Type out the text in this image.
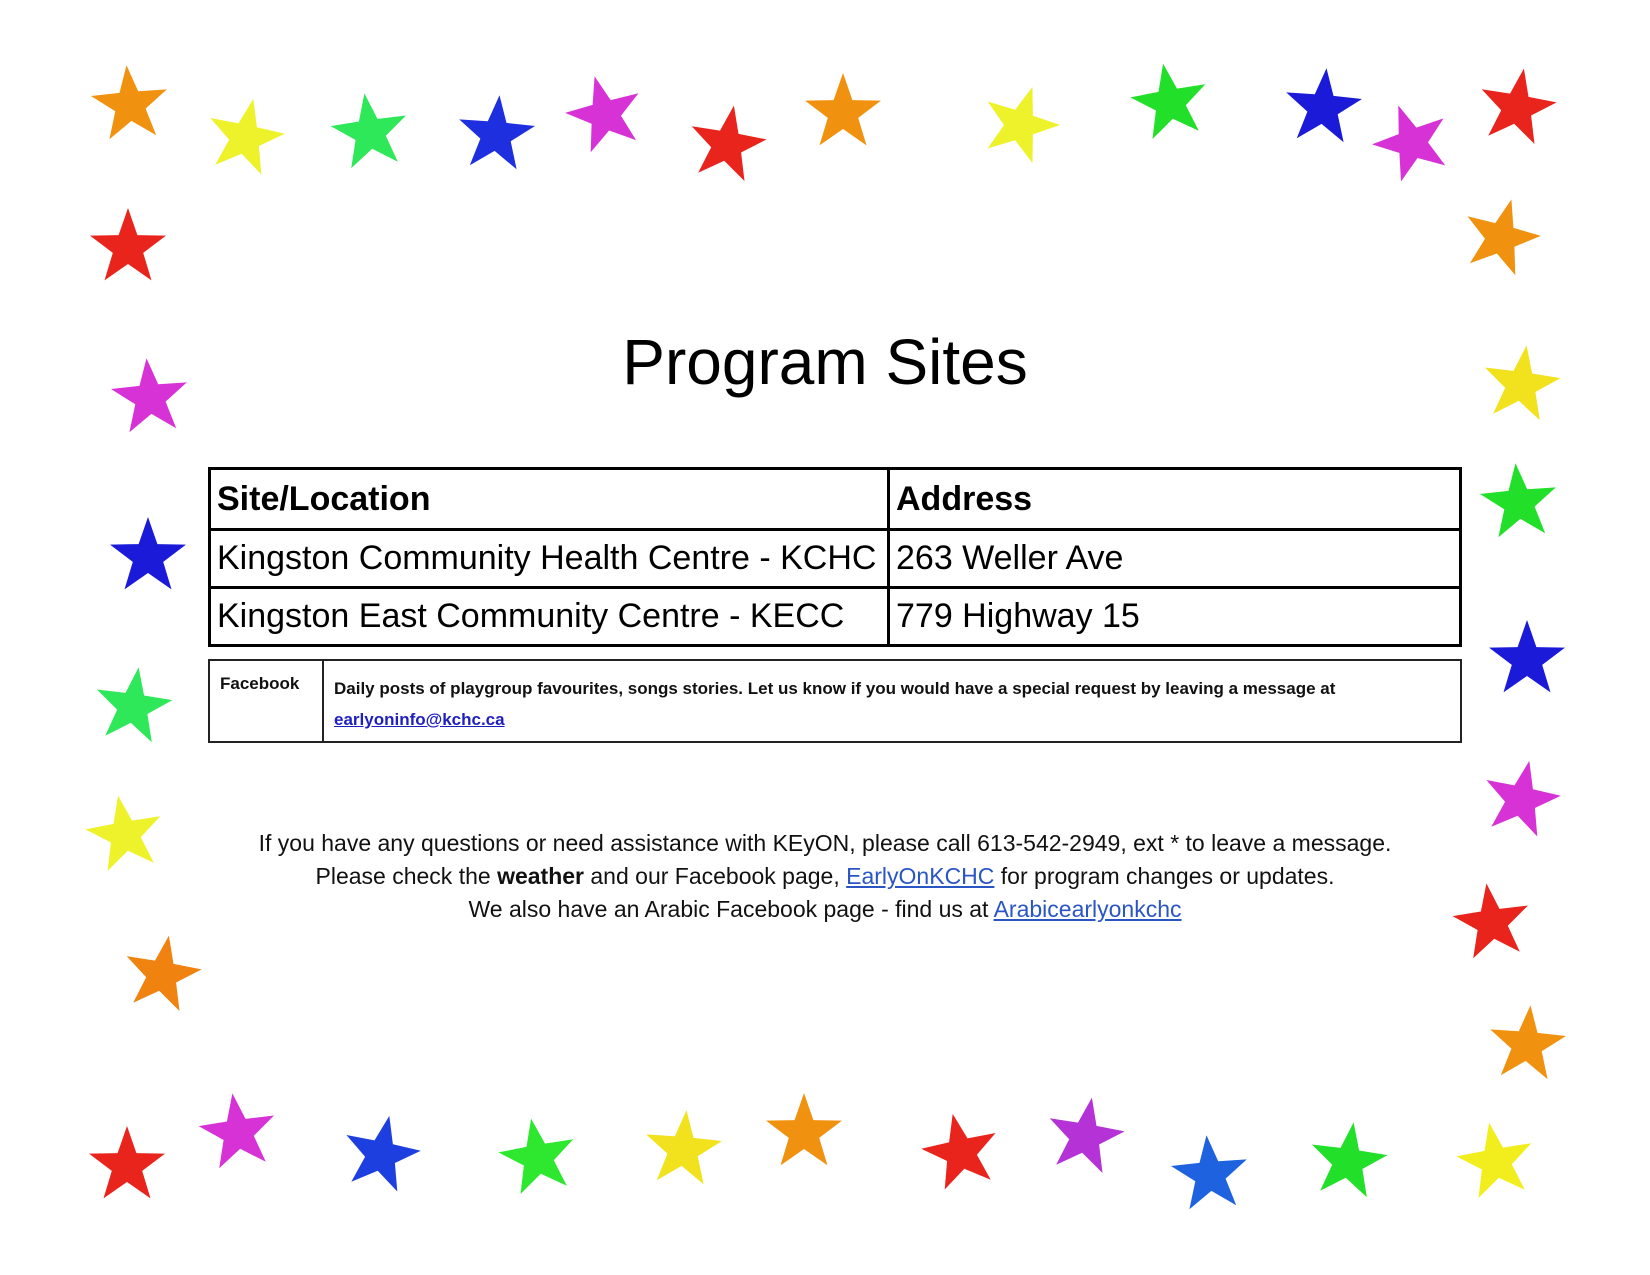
Program Sites
Site/Location	Address
Kingston Community Health Centre - KCHC	263 Weller Ave
Kingston East Community Centre - KECC	779 Highway 15
Facebook	Daily posts of playgroup favourites, songs stories. Let us know if you would have a special request by leaving a message at
earlyoninfo@kchc.ca
If you have any questions or need assistance with KEyON, please call 613-542-2949, ext * to leave a message.
Please check the weather and our Facebook page, EarlyOnKCHC for program changes or updates.
We also have an Arabic Facebook page - find us at Arabicearlyonkchc
